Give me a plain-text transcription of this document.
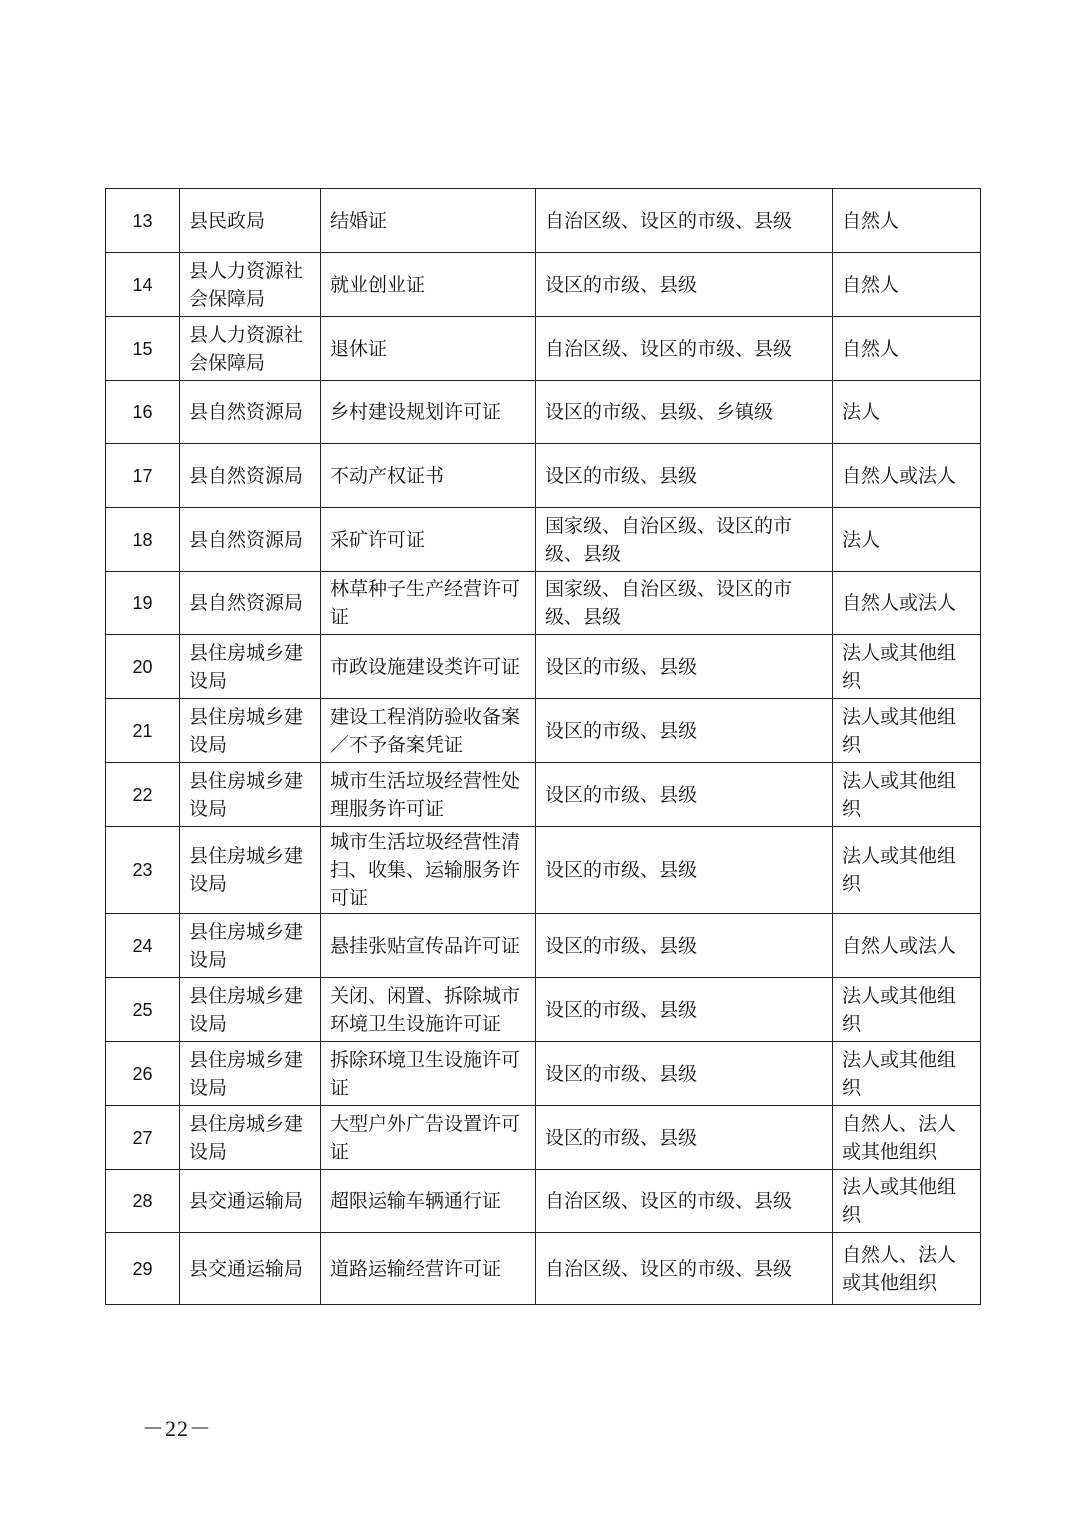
13	县民政局	结婚证	自治区级、设区的市级、县级	自然人
14	县人力资源社会保障局	就业创业证	设区的市级、县级	自然人
15	县人力资源社会保障局	退休证	自治区级、设区的市级、县级	自然人
16	县自然资源局	乡村建设规划许可证	设区的市级、县级、乡镇级	法人
17	县自然资源局	不动产权证书	设区的市级、县级	自然人或法人
18	县自然资源局	采矿许可证	国家级、自治区级、设区的市级、县级	法人
19	县自然资源局	林草种子生产经营许可证	国家级、自治区级、设区的市级、县级	自然人或法人
20	县住房城乡建设局	市政设施建设类许可证	设区的市级、县级	法人或其他组织
21	县住房城乡建设局	建设工程消防验收备案／不予备案凭证	设区的市级、县级	法人或其他组织
22	县住房城乡建设局	城市生活垃圾经营性处理服务许可证	设区的市级、县级	法人或其他组织
23	县住房城乡建设局	城市生活垃圾经营性清扫、收集、运输服务许可证	设区的市级、县级	法人或其他组织
24	县住房城乡建设局	悬挂张贴宣传品许可证	设区的市级、县级	自然人或法人
25	县住房城乡建设局	关闭、闲置、拆除城市环境卫生设施许可证	设区的市级、县级	法人或其他组织
26	县住房城乡建设局	拆除环境卫生设施许可证	设区的市级、县级	法人或其他组织
27	县住房城乡建设局	大型户外广告设置许可证	设区的市级、县级	自然人、法人或其他组织
28	县交通运输局	超限运输车辆通行证	自治区级、设区的市级、县级	法人或其他组织
29	县交通运输局	道路运输经营许可证	自治区级、设区的市级、县级	自然人、法人或其他组织
－22－
